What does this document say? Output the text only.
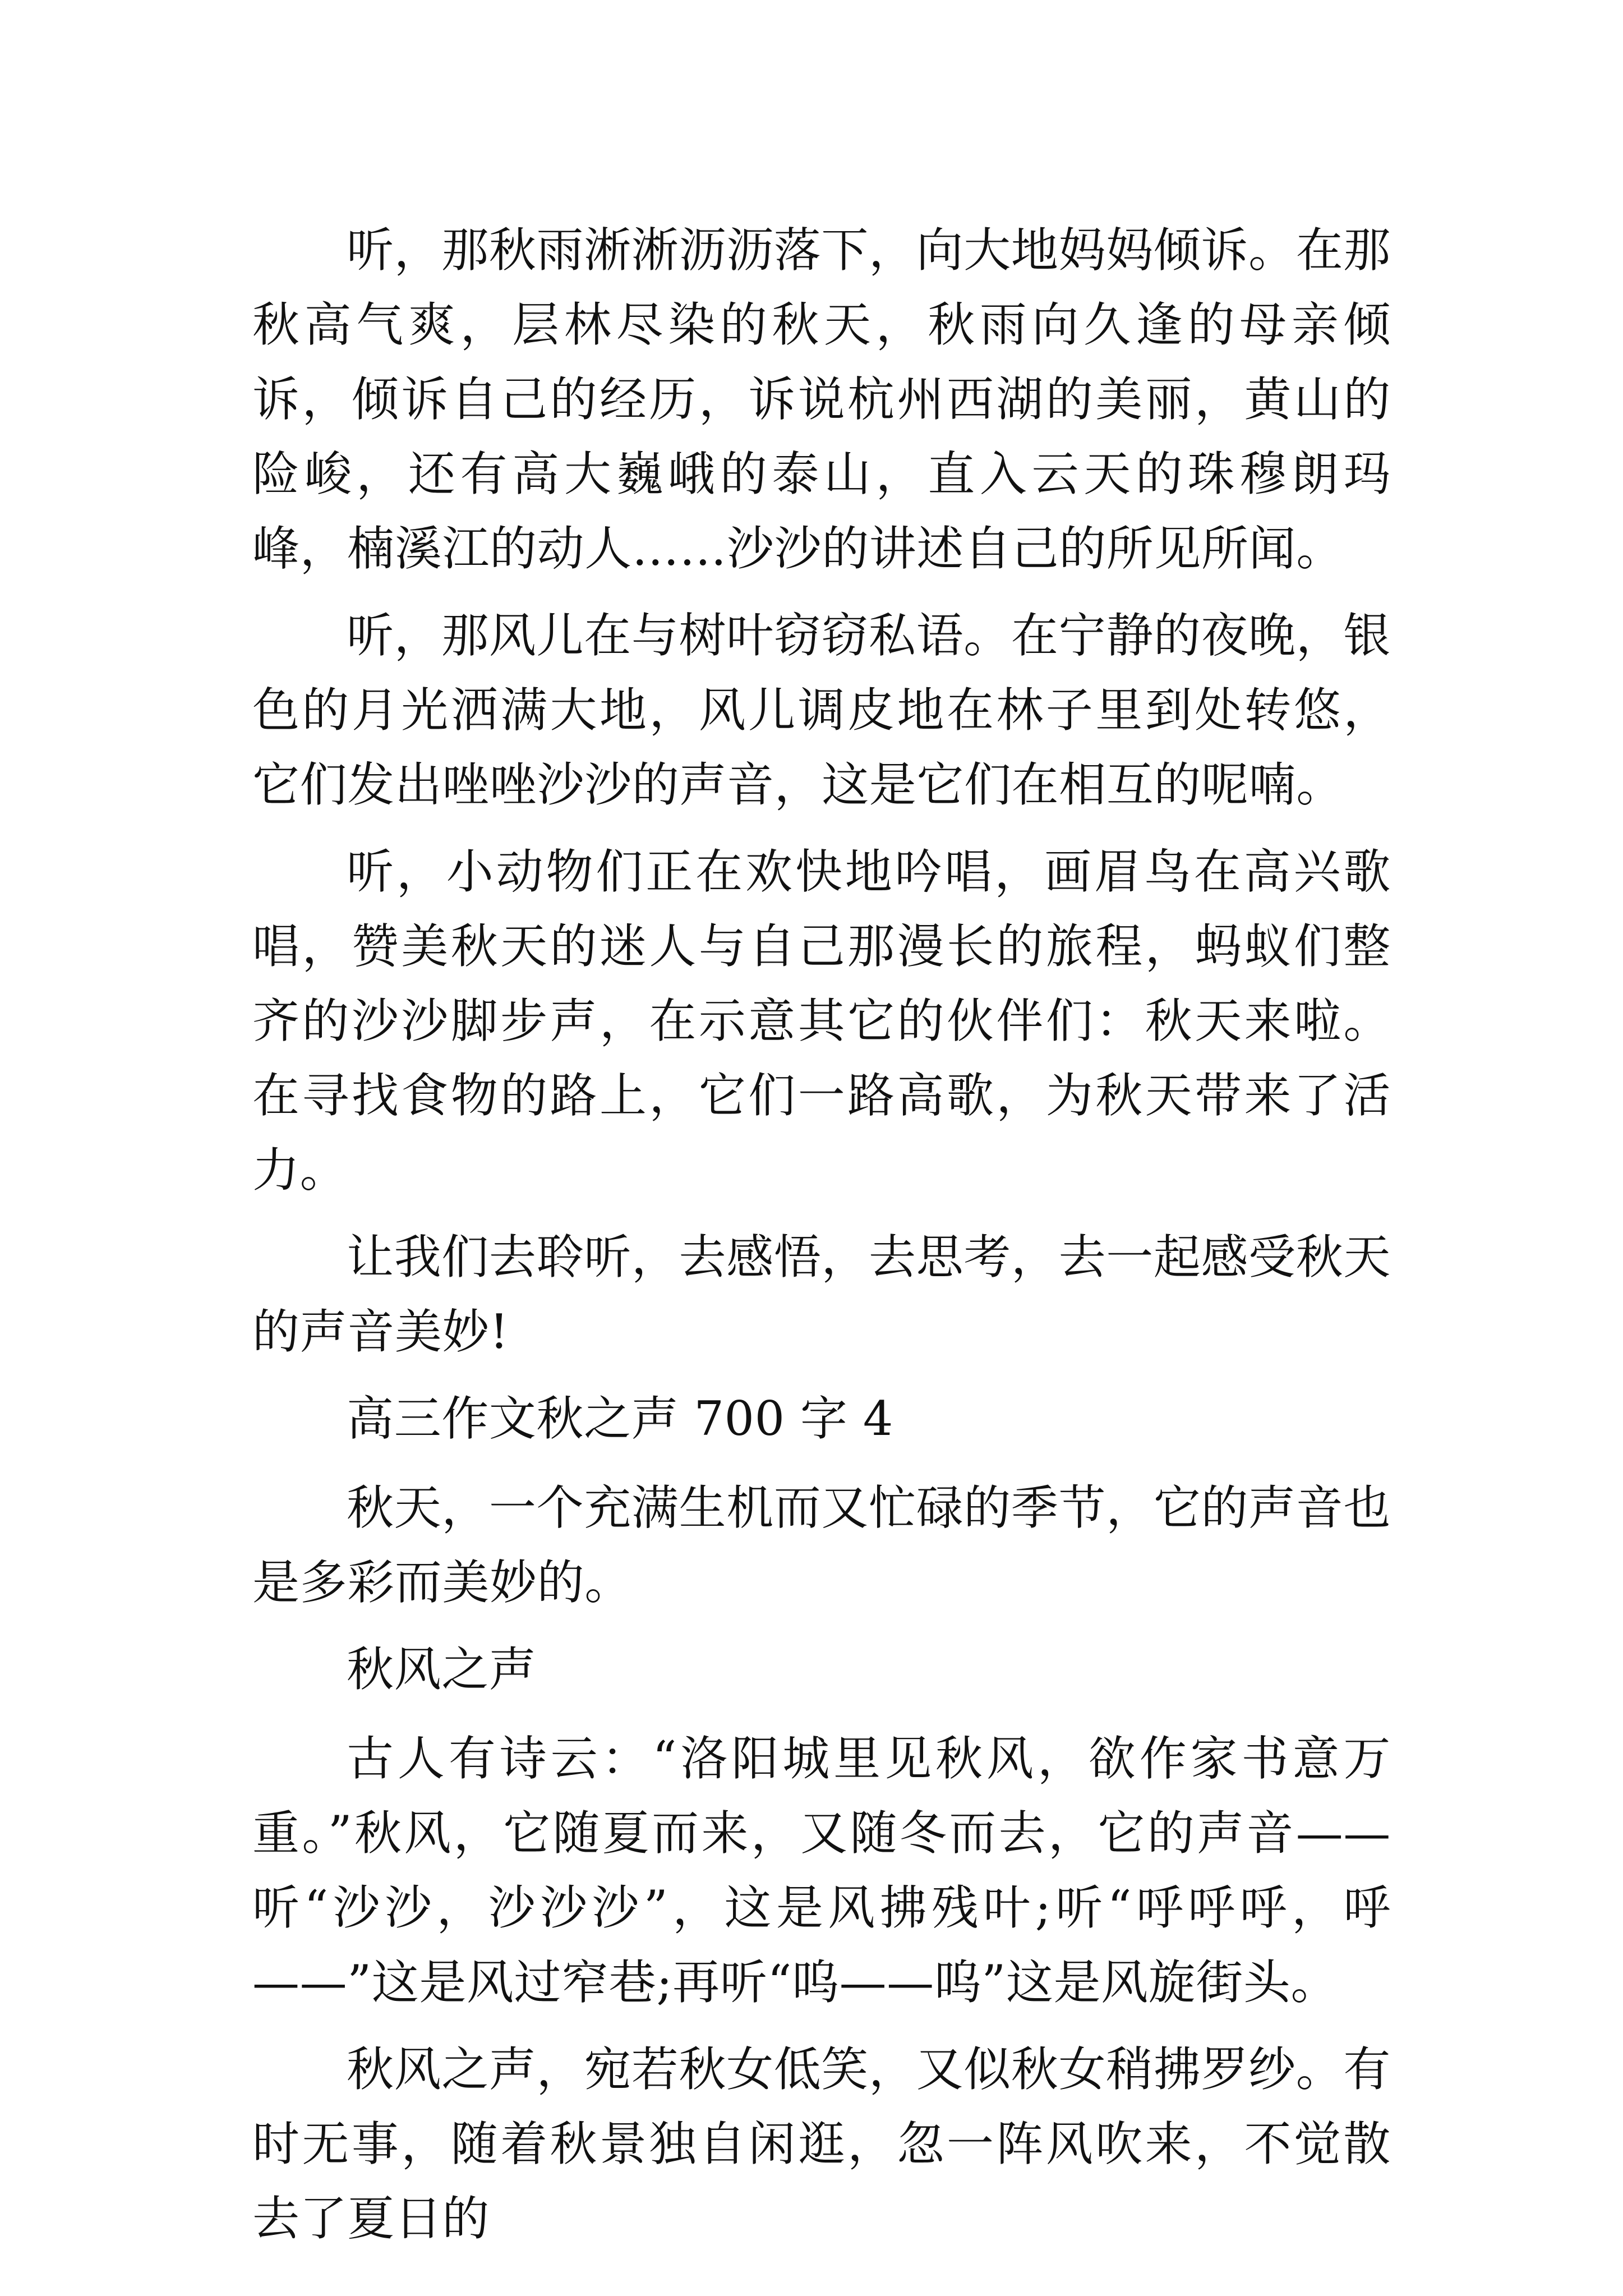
听，那秋雨淅淅沥沥落下，向大地妈妈倾诉。在那秋高气爽，层林尽染的秋天，秋雨向久逢的母亲倾诉，倾诉自己的经历，诉说杭州西湖的美丽，黄山的险峻，还有高大巍峨的泰山，直入云天的珠穆朗玛峰，楠溪江的动人……沙沙的讲述自己的所见所闻。

听，那风儿在与树叶窃窃私语。在宁静的夜晚，银色的月光洒满大地，风儿调皮地在林子里到处转悠，它们发出唑唑沙沙的声音，这是它们在相互的呢喃。

听，小动物们正在欢快地吟唱，画眉鸟在高兴歌唱，赞美秋天的迷人与自己那漫长的旅程，蚂蚁们整齐的沙沙脚步声，在示意其它的伙伴们：秋天来啦。在寻找食物的路上，它们一路高歌，为秋天带来了活力。

让我们去聆听，去感悟，去思考，去一起感受秋天的声音美妙!

高三作文秋之声 700 字 4

秋天，一个充满生机而又忙碌的季节，它的声音也是多彩而美妙的。

秋风之声

古人有诗云：“洛阳城里见秋风，欲作家书意万重。”秋风，它随夏而来，又随冬而去，它的声音——听“沙沙，沙沙沙”，这是风拂残叶;听“呼呼呼，呼——”这是风过窄巷;再听“呜——呜”这是风旋街头。

秋风之声，宛若秋女低笑，又似秋女稍拂罗纱。有时无事，随着秋景独自闲逛，忽一阵风吹来，不觉散去了夏日的
